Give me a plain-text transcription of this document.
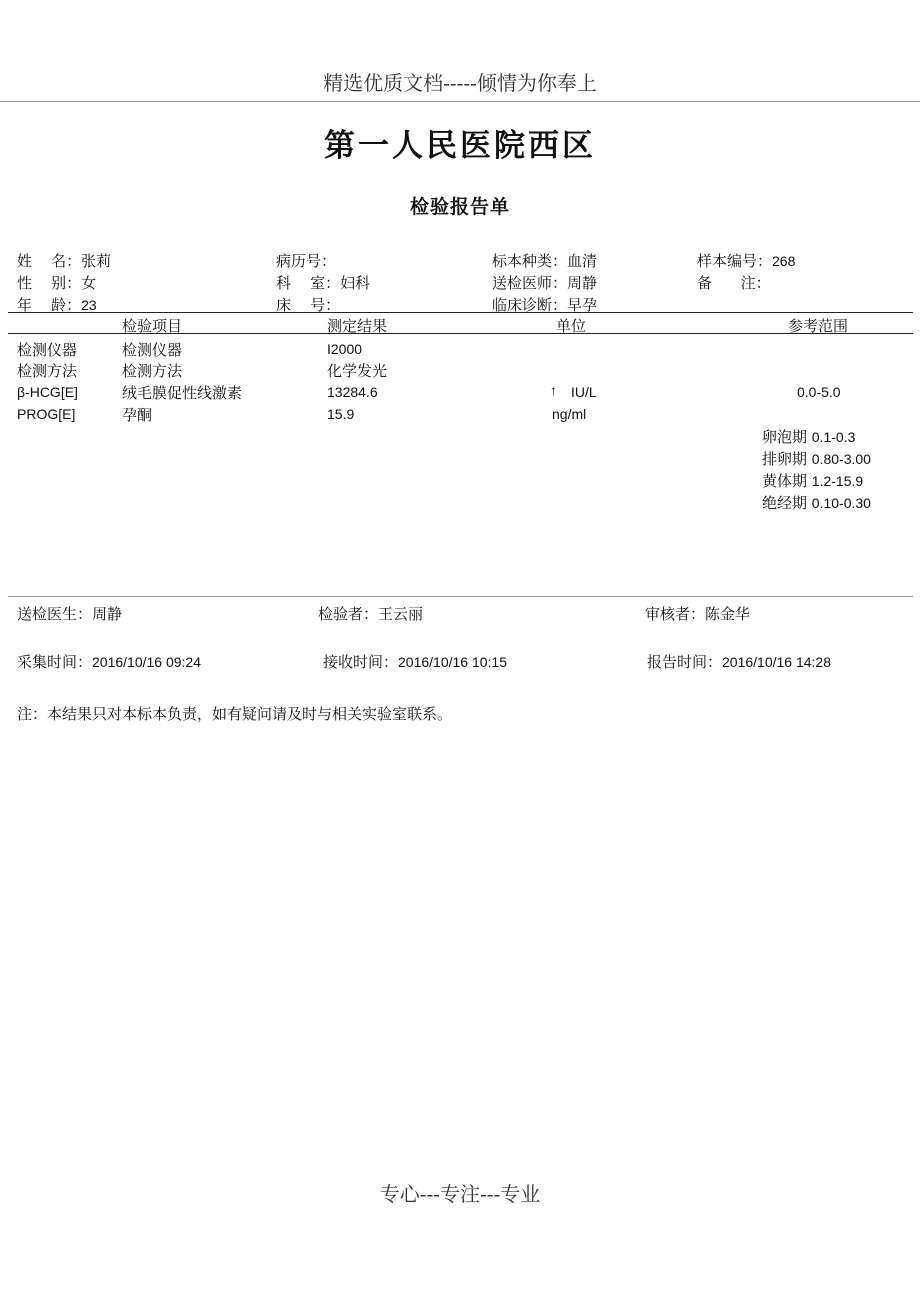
精选优质文档-----倾情为你奉上
第一人民医院西区
检验报告单
姓    名：张莉
性    别：女
年    龄：23
病历号：
科    室：妇科
床    号：
标本种类：血清
送检医师：周静
临床诊断：早孕
样本编号：268
备      注：
检验项目	测定结果	单位	参考范围
检测仪器	检测仪器	I2000
检测方法	检测方法	化学发光
β-HCG[E]	绒毛膜促性线激素	13284.6	↑ IU/L	0.0-5.0
PROG[E]	孕酮	15.9	ng/ml
卵泡期 0.1-0.3
排卵期 0.80-3.00
黄体期 1.2-15.9
绝经期 0.10-0.30
送检医生：周静	检验者：王云丽	审核者：陈金华
采集时间：2016/10/16 09:24	接收时间：2016/10/16 10:15	报告时间：2016/10/16 14:28
注：本结果只对本标本负责，如有疑问请及时与相关实验室联系。
专心---专注---专业
